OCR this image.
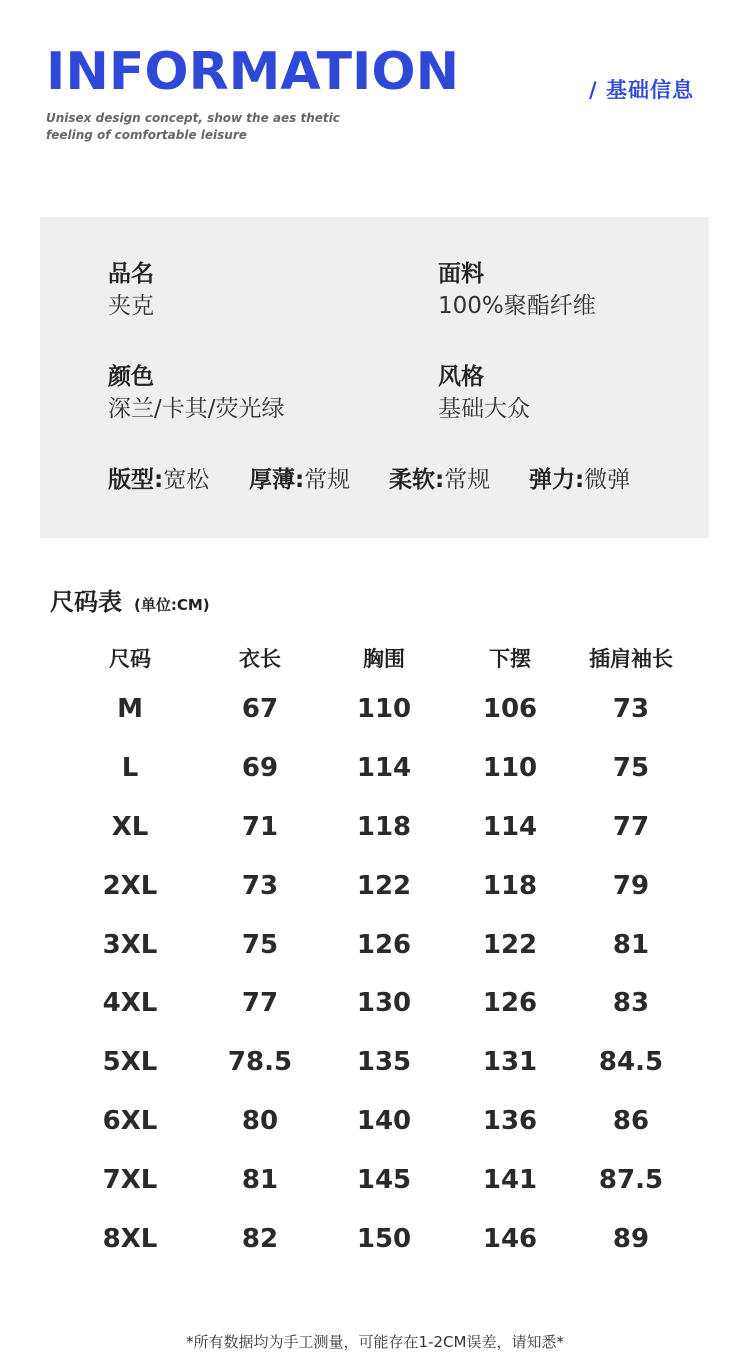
INFORMATION
Unisex design concept, show the aes thetic feeling of comfortable leisure
/ 基础信息
品名
夹克
面料
100%聚酯纤维
颜色
深兰/卡其/荧光绿
风格
基础大众
版型: 宽松 厚薄: 常规 柔软: 常规 弹力: 微弹
尺码表 (单位:CM)
尺码	衣长	胸围	下摆	插肩袖长
M	67	110	106	73
L	69	114	110	75
XL	71	118	114	77
2XL	73	122	118	79
3XL	75	126	122	81
4XL	77	130	126	83
5XL	78.5	135	131	84.5
6XL	80	140	136	86
7XL	81	145	141	87.5
8XL	82	150	146	89
*所有数据均为手工测量，可能存在1-2CM误差，请知悉*
